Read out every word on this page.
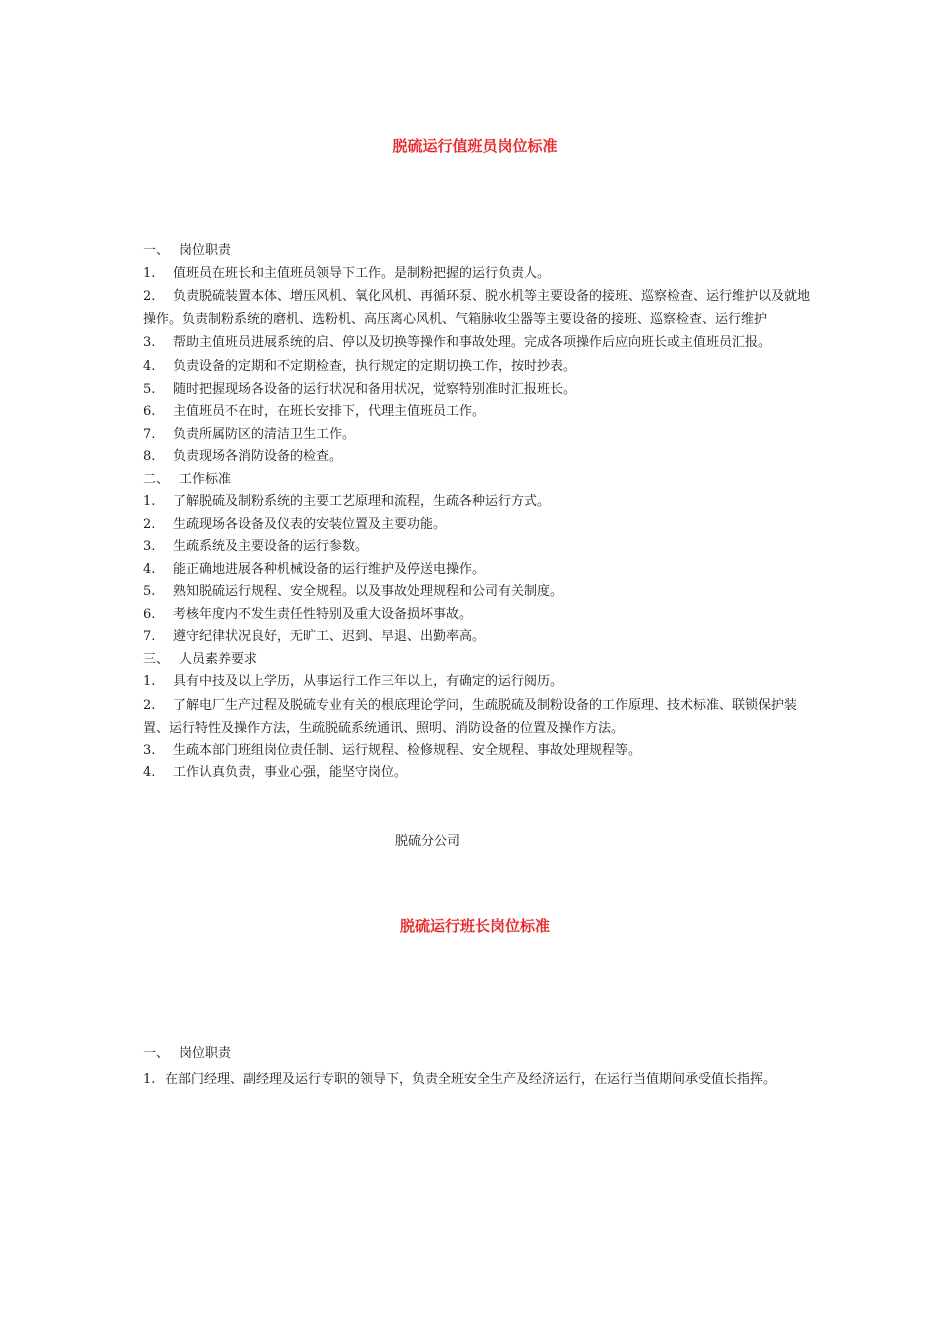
脱硫运行值班员岗位标准
一、 岗位职责
1. 值班员在班长和主值班员领导下工作。是制粉把握的运行负责人。

2. 负责脱硫装置本体、增压风机、氧化风机、再循环泵、脱水机等主要设备的接班、巡察检查、运行维护以及就地操作。负责制粉系统的磨机、选粉机、高压离心风机、气箱脉收尘器等主要设备的接班、巡察检查、运行维护

3. 帮助主值班员进展系统的启、停以及切换等操作和事故处理。完成各项操作后应向班长或主值班员汇报。

4. 负责设备的定期和不定期检查，执行规定的定期切换工作，按时抄表。
5. 随时把握现场各设备的运行状况和备用状况，觉察特别准时汇报班长。
6. 主值班员不在时，在班长安排下，代理主值班员工作。
7. 负责所属防区的清洁卫生工作。
8. 负责现场各消防设备的检查。
二、 工作标准
1. 了解脱硫及制粉系统的主要工艺原理和流程，生疏各种运行方式。
2. 生疏现场各设备及仪表的安装位置及主要功能。
3. 生疏系统及主要设备的运行参数。
4. 能正确地进展各种机械设备的运行维护及停送电操作。
5. 熟知脱硫运行规程、安全规程。以及事故处理规程和公司有关制度。
6. 考核年度内不发生责任性特别及重大设备损坏事故。
7. 遵守纪律状况良好，无旷工、迟到、早退、出勤率高。
三、 人员素养要求
1. 具有中技及以上学历，从事运行工作三年以上，有确定的运行阅历。

2. 了解电厂生产过程及脱硫专业有关的根底理论学问，生疏脱硫及制粉设备的工作原理、技术标准、联锁保护装置、运行特性及操作方法，生疏脱硫系统通讯、照明、消防设备的位置及操作方法。

3. 生疏本部门班组岗位责任制、运行规程、检修规程、安全规程、事故处理规程等。
4. 工作认真负责，事业心强，能坚守岗位。
脱硫分公司
脱硫运行班长岗位标准
一、 岗位职责

1. 在部门经理、副经理及运行专职的领导下，负责全班安全生产及经济运行，在运行当值期间承受值长指挥。
